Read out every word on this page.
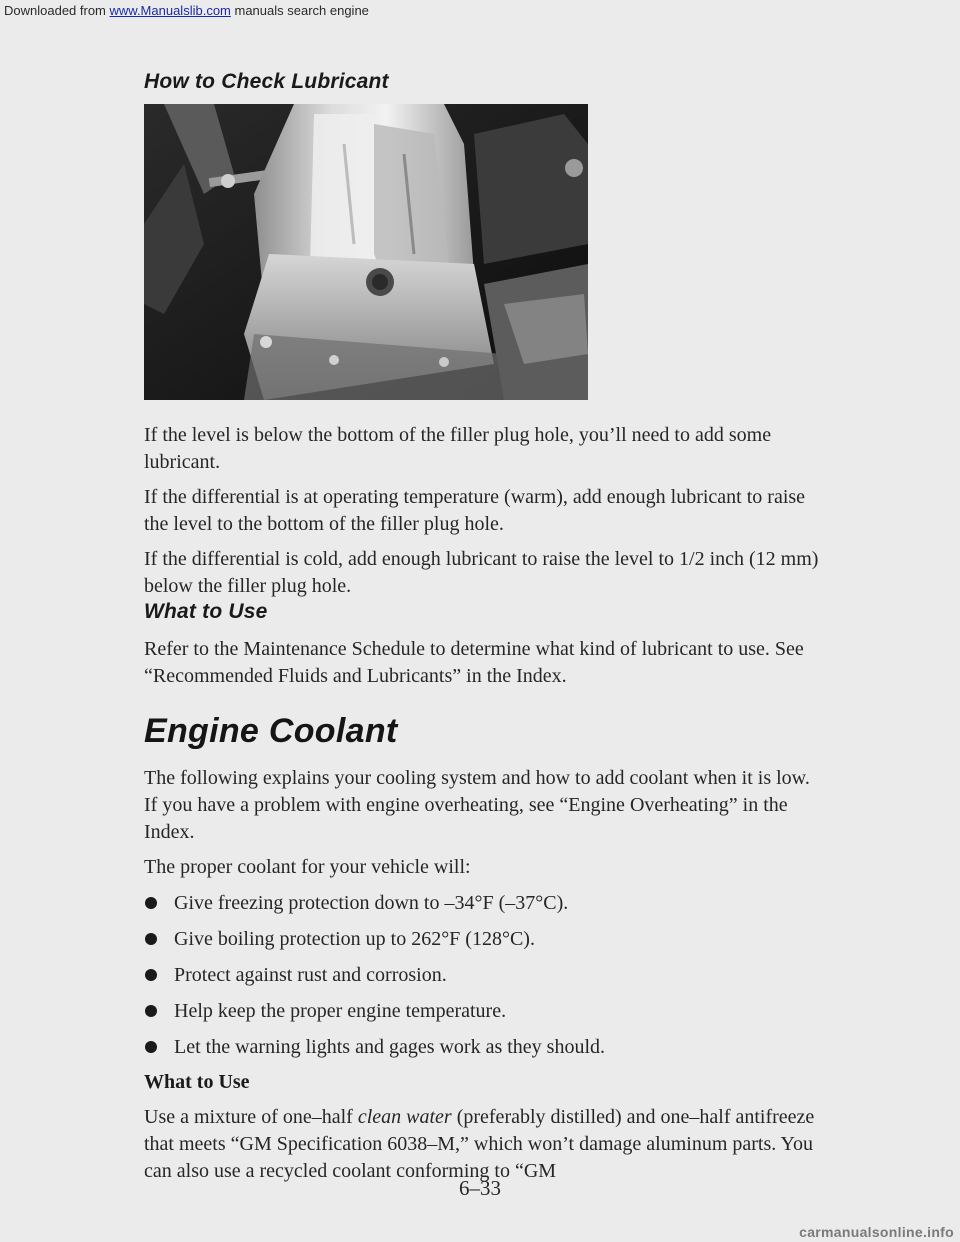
Downloaded from www.Manualslib.com manuals search engine
How to Check Lubricant

If the level is below the bottom of the filler plug hole, you’ll need to add some lubricant.

If the differential is at operating temperature (warm), add enough lubricant to raise the level to the bottom of the filler plug hole.

If the differential is cold, add enough lubricant to raise the level to 1/2 inch (12 mm) below the filler plug hole.

What to Use

Refer to the Maintenance Schedule to determine what kind of lubricant to use. See “Recommended Fluids and Lubricants” in the Index.

Engine Coolant

The following explains your cooling system and how to add coolant when it is low. If you have a problem with engine overheating, see “Engine Overheating” in the Index.

The proper coolant for your vehicle will:

Give freezing protection down to –34°F (–37°C).
Give boiling protection up to 262°F (128°C).
Protect against rust and corrosion.
Help keep the proper engine temperature.
Let the warning lights and gages work as they should.
What to Use

Use a mixture of one–half clean water (preferably distilled) and one–half antifreeze that meets “GM Specification 6038–M,” which won’t damage aluminum parts. You can also use a recycled coolant conforming to “GM

6–33
carmanualsonline.info
